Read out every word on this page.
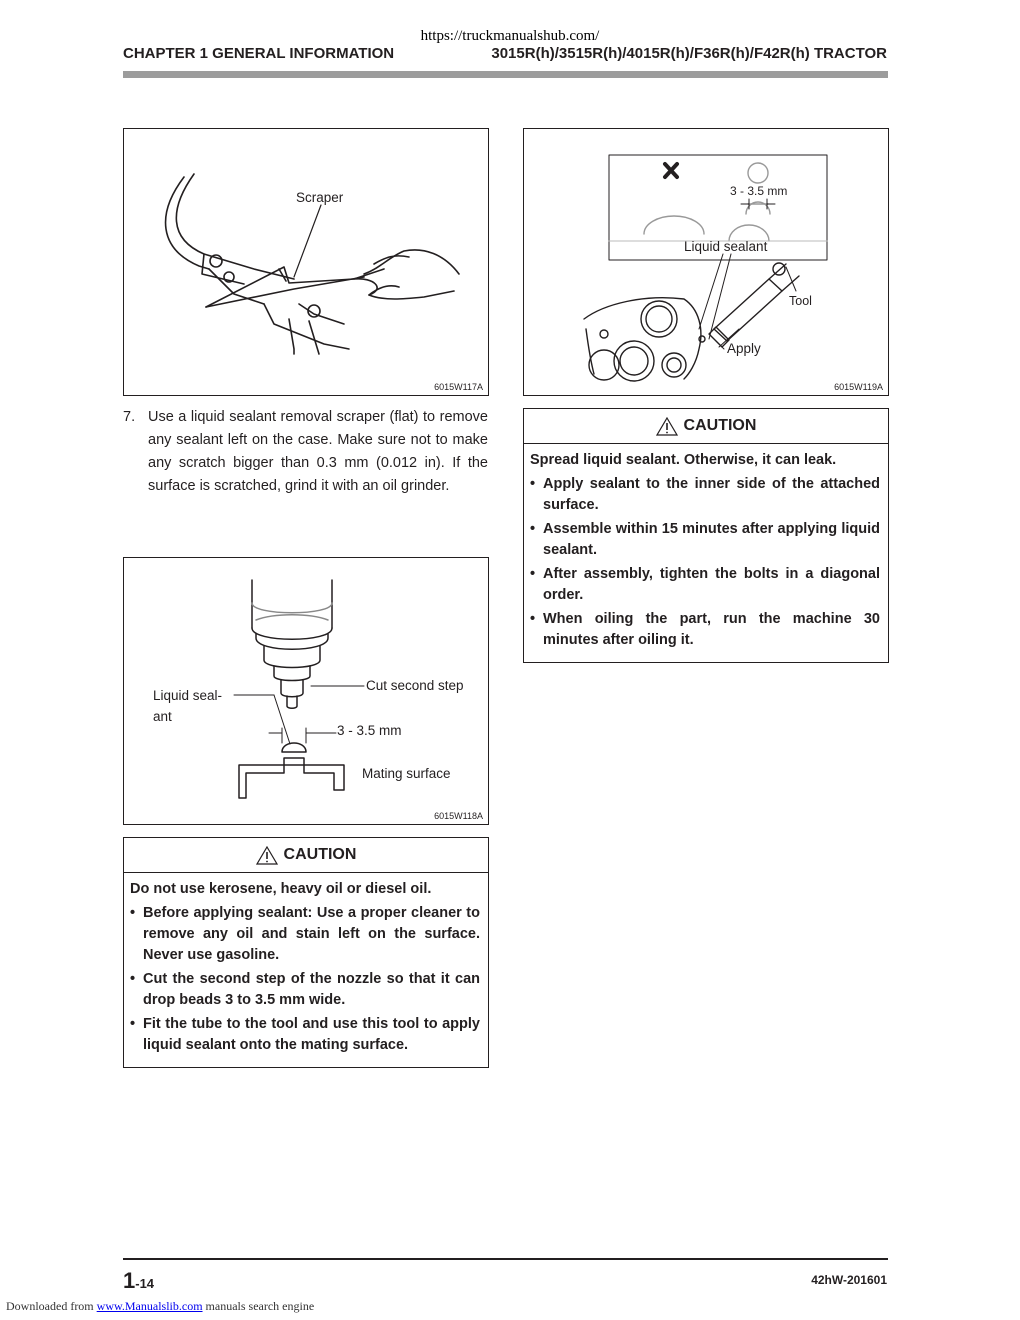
https://truckmanualshub.com/
CHAPTER 1 GENERAL INFORMATION	3015R(h)/3515R(h)/4015R(h)/F36R(h)/F42R(h) TRACTOR
Scraper
6015W117A
3 - 3.5 mm
Liquid sealant
Tool
Apply
6015W119A
7. Use a liquid sealant removal scraper (flat) to remove any sealant left on the case. Make sure not to make any scratch bigger than 0.3 mm (0.012 in). If the surface is scratched, grind it with an oil grinder.
Liquid seal-
ant
Cut second step
3 - 3.5 mm
Mating surface
6015W118A
CAUTION
Do not use kerosene, heavy oil or diesel oil.
• Before applying sealant: Use a proper cleaner to remove any oil and stain left on the surface. Never use gasoline.
• Cut the second step of the nozzle so that it can drop beads 3 to 3.5 mm wide.
• Fit the tube to the tool and use this tool to apply liquid sealant onto the mating surface.
CAUTION
Spread liquid sealant. Otherwise, it can leak.
• Apply sealant to the inner side of the attached surface.
• Assemble within 15 minutes after applying liquid sealant.
• After assembly, tighten the bolts in a diagonal order.
• When oiling the part, run the machine 30 minutes after oiling it.
1-14	42hW-201601
Downloaded from www.Manualslib.com manuals search engine
